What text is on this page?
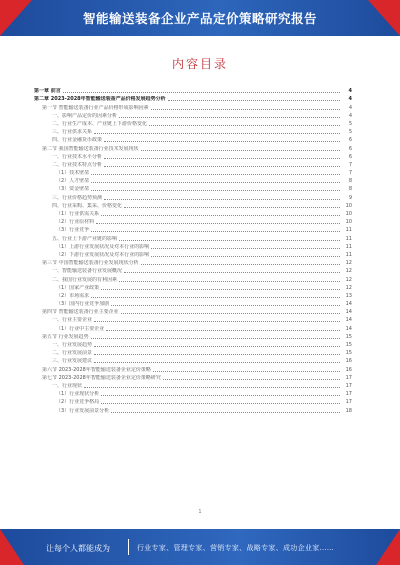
智能输送装备企业产品定价策略研究报告
内容目录
第一章 前言	4
第二章 2023-2028年智能输送装备产品价格发展趋势分析	4
第一节 智能输送装备行业产品价格形成影响因素	4
一、影响产品定价的因素分析	4
二、行业生产成本、产业链上下游价格变化	5
三、行业供求关系	5
四、行业金融货币政策	6
第二节 我国智能输送装备行业技术发展现状	6
一、行业技术水平分析	6
二、行业技术特点分析	7
（1）技术壁垒	7
（2）人才壁垒	8
（3）资金壁垒	8
三、行业价格趋势预测	9
四、行业采购、集采、价格变化	10
（1）行业供需关系	10
（2）行业原材料	10
（3）行业竞争	11
五、行业上下游产业链的影响	11
（1）上游行业发展状况及对本行业的影响	11
（2）下游行业发展状况及对本行业的影响	11
第三节 中国智能输送装备行业发展现状分析	12
一、智能输送装备行业发展概况	12
二、我国行业发展的有利因素	12
（1）国家产业政策	12
（2）市场需求	13
（3）国内行业竞争加剧	14
第四节 智能输送装备行业主要企业	14
一、行业主要企业	14
（1）行业中主要企业	14
第五节 行业发展趋势	15
一、行业发展趋势	15
二、行业发展前景	15
三、行业发展建议	16
第六节 2023-2028年智能输送装备企业定价策略	16
第七节 2023-2028年智能输送装备企业定价策略研究	17
一、行业现状	17
（1）行业现状分析	17
（2）行业竞争格局	17
（3）行业发展前景分析	18
1
让每个人都能成为	行业专家、管理专家、营销专家、战略专家、成功企业家……
